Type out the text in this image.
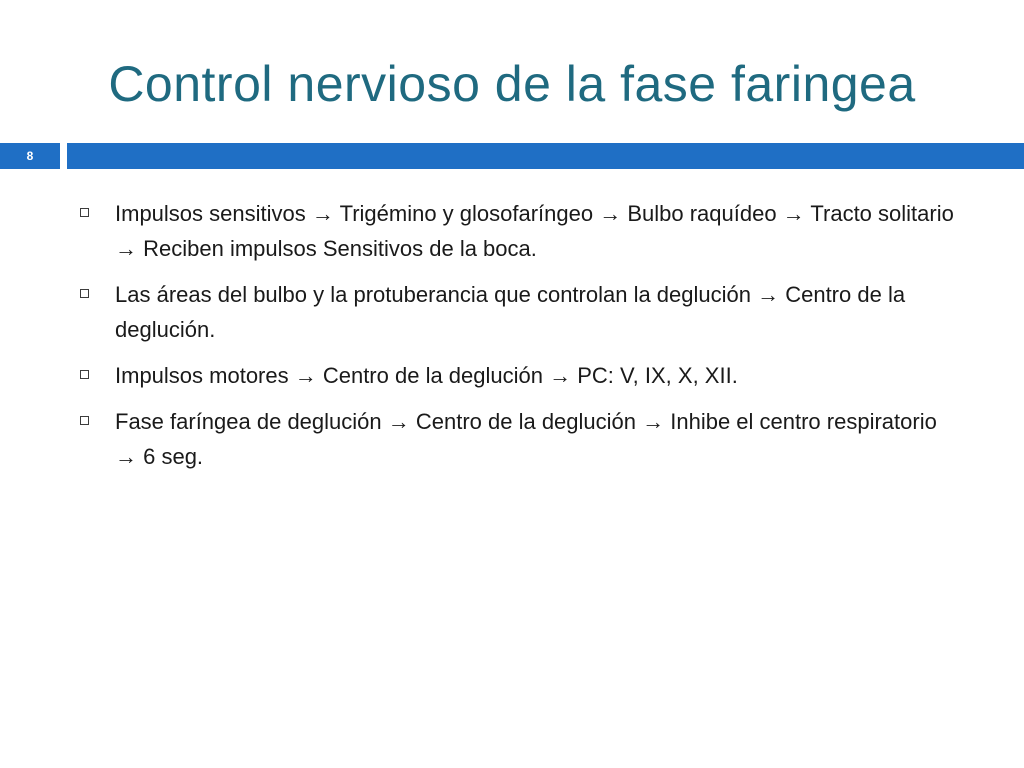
Control nervioso de la fase faringea
8
Impulsos sensitivos → Trigémino y glosofaríngeo → Bulbo raquídeo → Tracto solitario → Reciben impulsos Sensitivos de la boca.
Las áreas del bulbo y la protuberancia que controlan la deglución → Centro de la deglución.
Impulsos motores → Centro de la deglución → PC: V, IX, X, XII.
Fase faríngea de deglución → Centro de la deglución → Inhibe el centro respiratorio → 6 seg.
